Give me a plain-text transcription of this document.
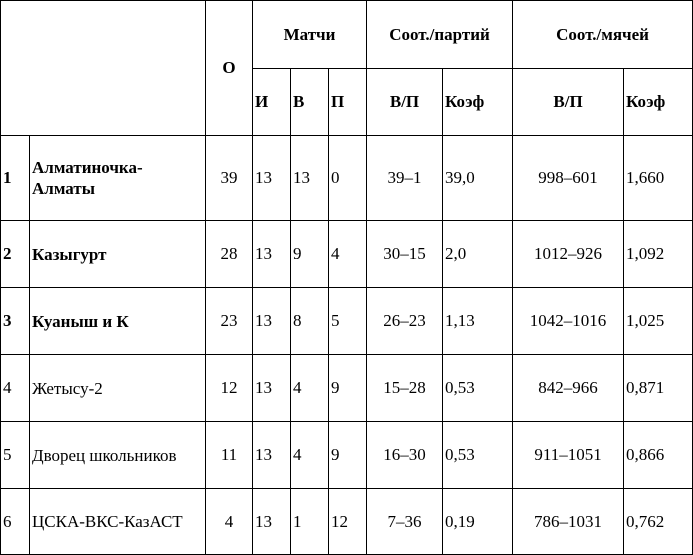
		О	Матчи			Соот./партий		Соот./мячей	
			И	В	П	В/П	Коэф	В/П	Коэф
1	Алматиночка-Алматы	39	13	13	0	39–1	39,0	998–601	1,660
2	Казыгурт	28	13	9	4	30–15	2,0	1012–926	1,092
3	Куаныш и К	23	13	8	5	26–23	1,13	1042–1016	1,025
4	Жетысу-2	12	13	4	9	15–28	0,53	842–966	0,871
5	Дворец школьников	11	13	4	9	16–30	0,53	911–1051	0,866
6	ЦСКА-ВКС-КазАСТ	4	13	1	12	7–36	0,19	786–1031	0,762
